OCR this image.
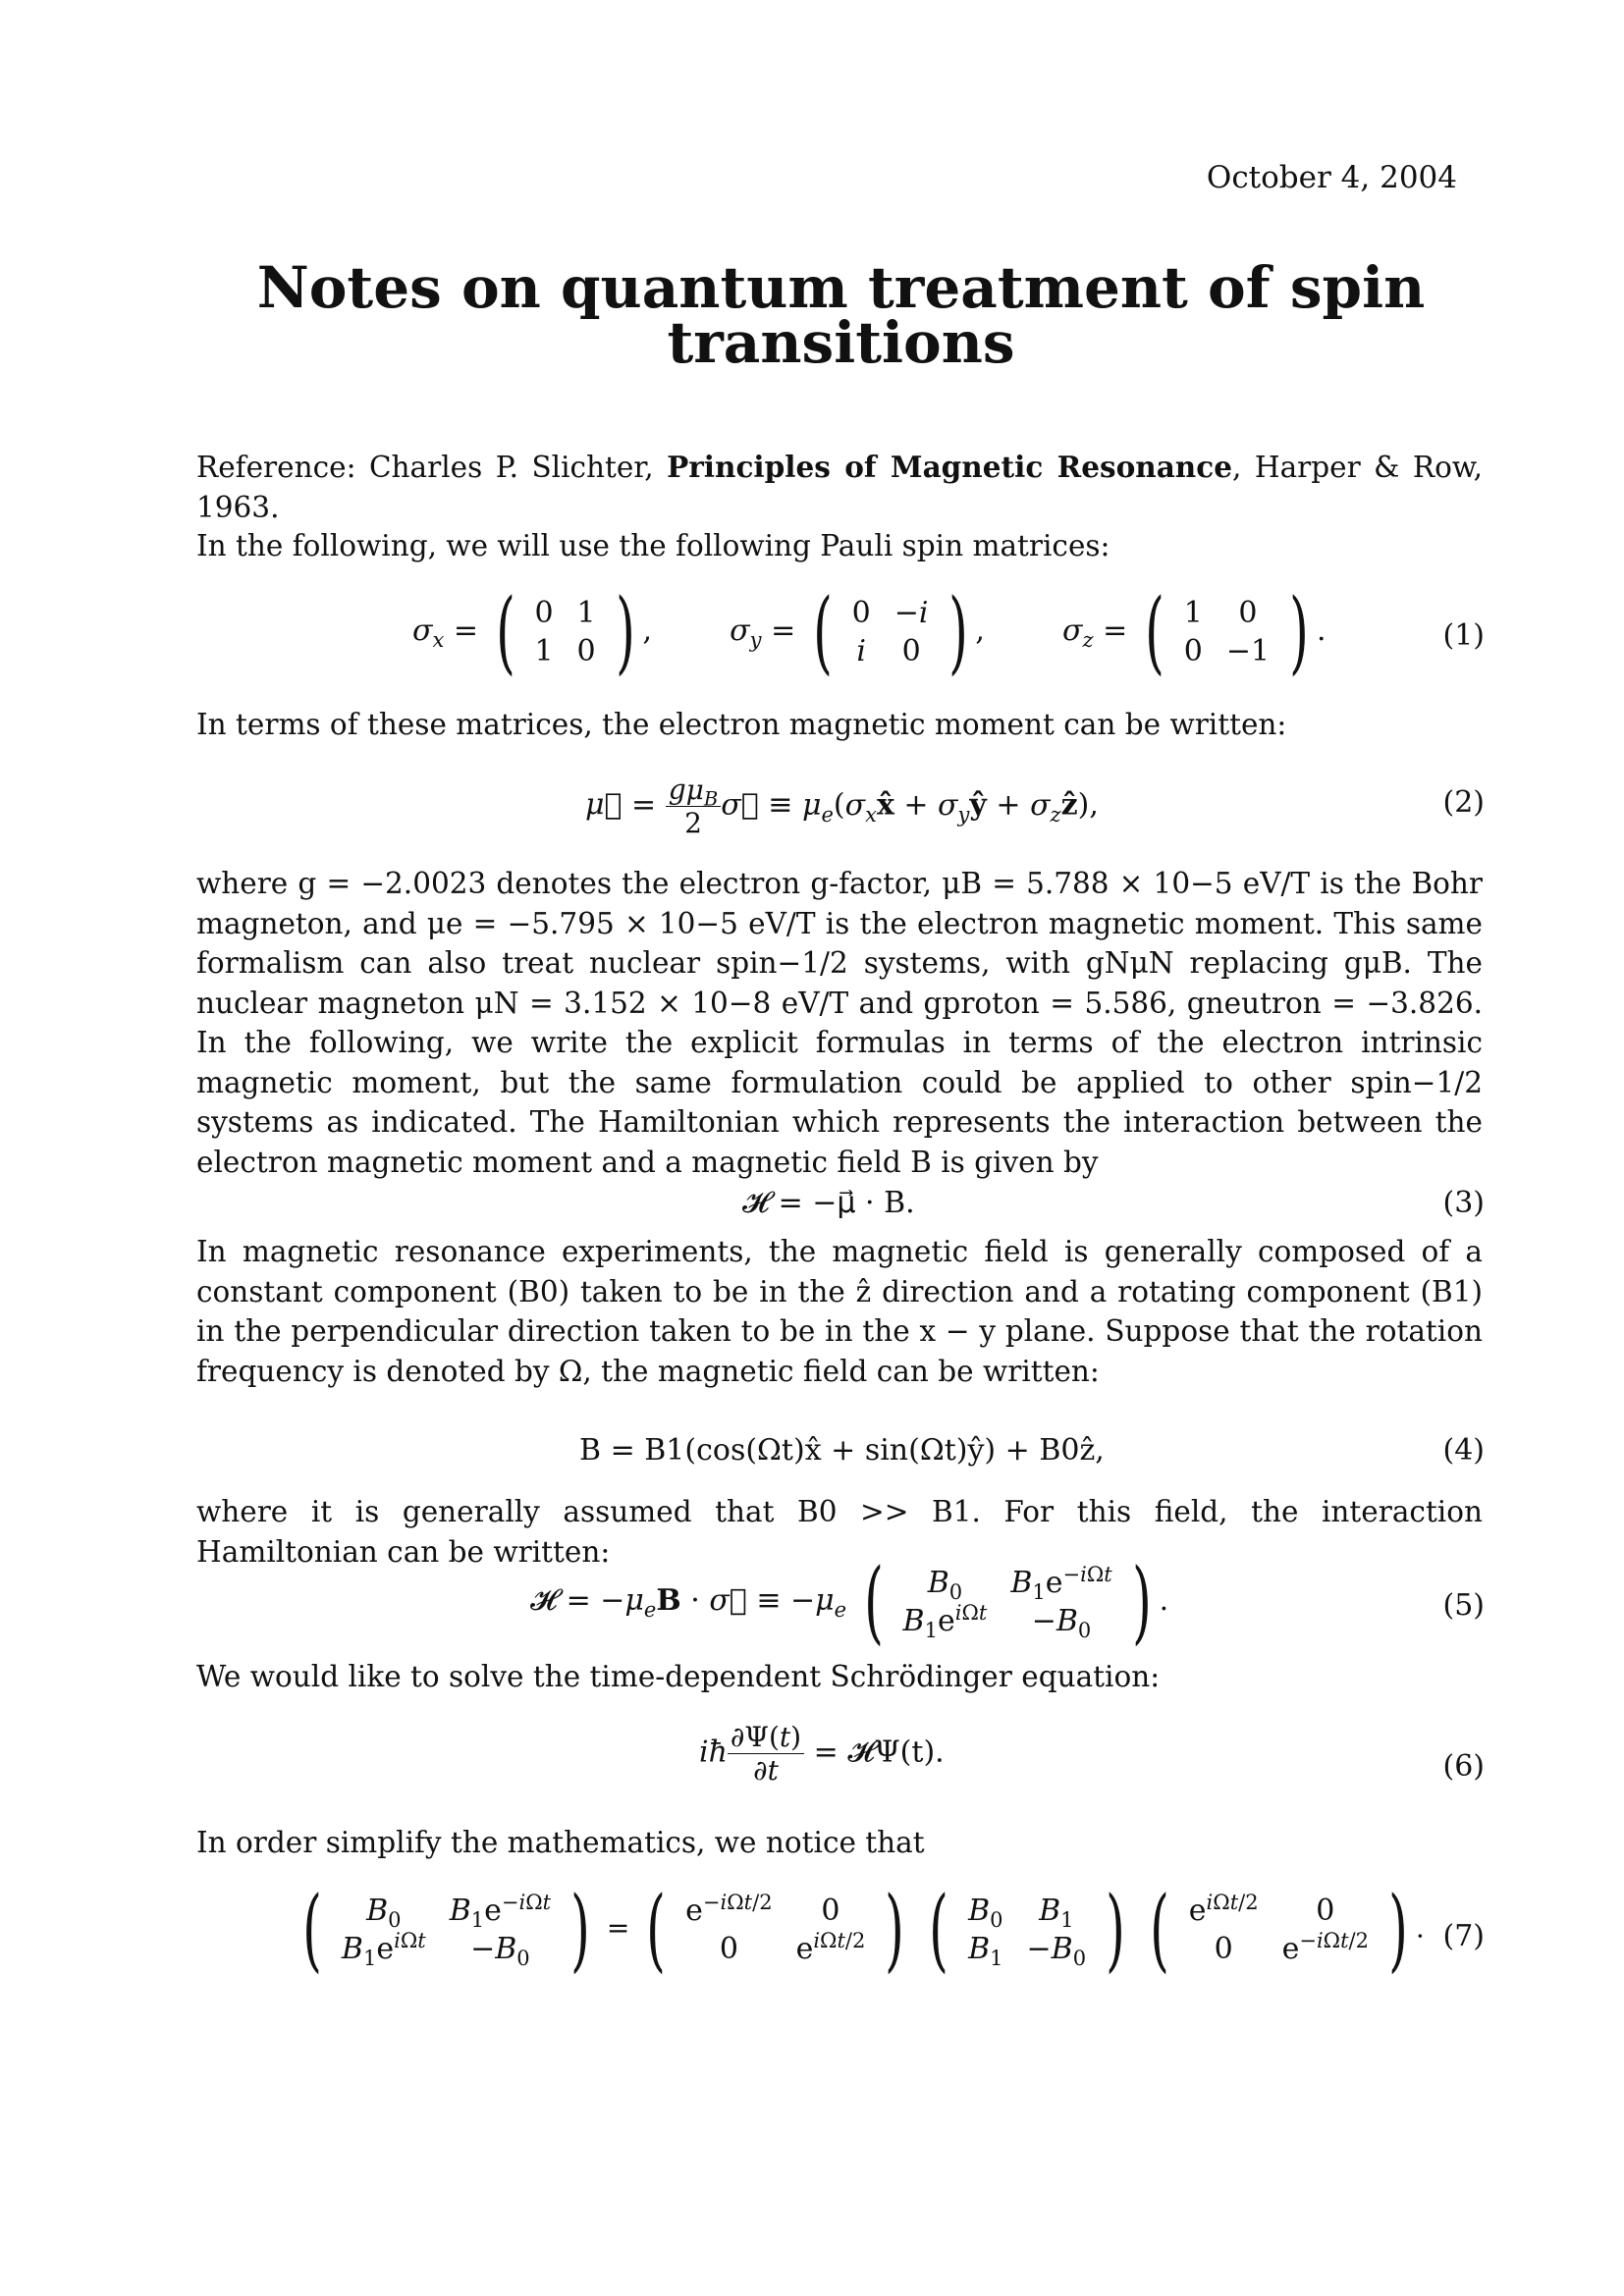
October 4, 2004
Notes on quantum treatment of spin transitions
Reference: Charles P. Slichter, Principles of Magnetic Resonance, Harper & Row, 1963.
In the following, we will use the following Pauli spin matrices:
$\sigma_x$ = ( 0	1
1	0 ) ,  $\sigma_y$ = ( 0	−i
i	0 ) ,  $\sigma_z$ = ( 1	0
0	−1 ) .	(1)
In terms of these matrices, the electron magnetic moment can be written:
μ⃗ = $\frac{g\mu_B}{2}$ σ⃗ ≡ $\mu_e(\sigma_xx̂$ + $\sigma_yŷ$ + $\sigma_zẑ$),	(2)
where g = −2.0023 denotes the electron g-factor, μB = 5.788 × 10−5 eV/T is the Bohr magneton, and μe = −5.795 × 10−5 eV/T is the electron magnetic moment. This same formalism can also treat nuclear spin−1/2 systems, with gNμN replacing gμB. The nuclear magneton μN = 3.152 × 10−8 eV/T and gproton = 5.586, gneutron = −3.826. In the following, we write the explicit formulas in terms of the electron intrinsic magnetic moment, but the same formulation could be applied to other spin−1/2 systems as indicated. The Hamiltonian which represents the interaction between the electron magnetic moment and a magnetic field B is given by
𝓗 = −μ⃗ · B.	(3)
In magnetic resonance experiments, the magnetic field is generally composed of a constant component (B0) taken to be in the ẑ direction and a rotating component (B1) in the perpendicular direction taken to be in the x − y plane. Suppose that the rotation frequency is denoted by Ω, the magnetic field can be written:
B = B1(cos(Ωt)x̂ + sin(Ωt)ŷ) + B0ẑ,	(4)
where it is generally assumed that B0 >> B1. For this field, the interaction Hamiltonian can be written:
𝓗 = $-\mu_eB$ · σ⃗ ≡ $-\mu_e$ ( $B_0$	$B_1e^{-i\Omega t}$
$B_1e^{i\Omega t}$	$-B_0$ ) .	(5)
We would like to solve the time-dependent Schrödinger equation:
iħ $\frac{\partial\Psi(t)}{\partial t}$ = 𝓗Ψ(t).	(6)
In order simplify the mathematics, we notice that
( $B_0$	$B_1e^{-i\Omega t}$
$B_1e^{i\Omega t}$	$-B_0$ ) = ( $e^{-i\Omega t/2}$	0
0	$e^{i\Omega t/2}$ )
( $B_0$	$B_1$
$B_1$	$-B_0$ )
( $e^{i\Omega t/2}$	0
0	$e^{-i\Omega t/2}$ ) . (7)
